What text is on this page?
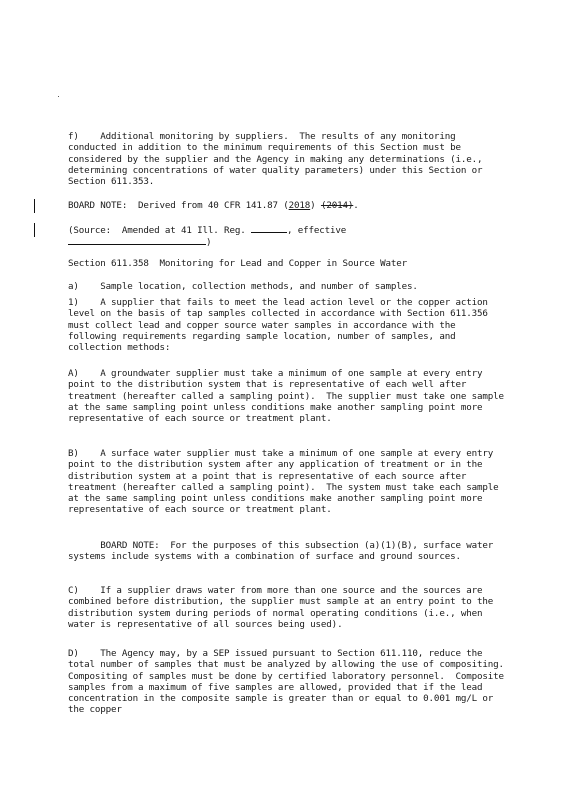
f)    Additional monitoring by suppliers.  The results of any monitoring conducted in addition to the minimum requirements of this Section must be considered by the supplier and the Agency in making any determinations (i.e., determining concentrations of water quality parameters) under this Section or Section 611.353.

BOARD NOTE:  Derived from 40 CFR 141.87 (2018) (2014).

(Source:  Amended at 41 Ill. Reg.	, effective
)

Section 611.358  Monitoring for Lead and Copper in Source Water

a)    Sample location, collection methods, and number of samples.

1)    A supplier that fails to meet the lead action level or the copper action level on the basis of tap samples collected in accordance with Section 611.356 must collect lead and copper source water samples in accordance with the following requirements regarding sample location, number of samples, and collection methods:

A)    A groundwater supplier must take a minimum of one sample at every entry point to the distribution system that is representative of each well after treatment (hereafter called a sampling point).  The supplier must take one sample at the same sampling point unless conditions make another sampling point more representative of each source or treatment plant.

B)    A surface water supplier must take a minimum of one sample at every entry point to the distribution system after any application of treatment or in the distribution system at a point that is representative of each source after treatment (hereafter called a sampling point).  The system must take each sample at the same sampling point unless conditions make another sampling point more representative of each source or treatment plant.

BOARD NOTE:  For the purposes of this subsection (a)(1)(B), surface water systems include systems with a combination of surface and ground sources.

C)    If a supplier draws water from more than one source and the sources are combined before distribution, the supplier must sample at an entry point to the distribution system during periods of normal operating conditions (i.e., when water is representative of all sources being used).

D)    The Agency may, by a SEP issued pursuant to Section 611.110, reduce the total number of samples that must be analyzed by allowing the use of compositing.  Compositing of samples must be done by certified laboratory personnel.  Composite samples from a maximum of five samples are allowed, provided that if the lead concentration in the composite sample is greater than or equal to 0.001 mg/L or the copper
